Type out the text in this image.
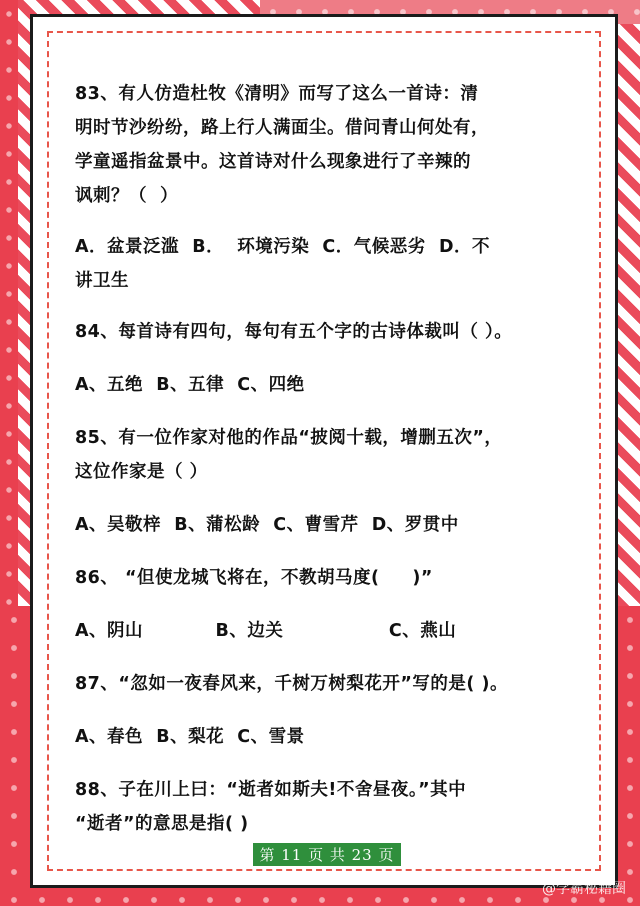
第 11 页 共 23 页
83、有人仿造杜牧《清明》而写了这么一首诗：清
明时节沙纷纷，路上行人满面尘。借问青山何处有，
学童遥指盆景中。这首诗对什么现象进行了辛辣的
讽刺？（  ）
A．盆景泛滥  B．  环境污染  C．气候恶劣  D．不
讲卫生
84、每首诗有四句，每句有五个字的古诗体裁叫（ ）。
A、五绝  B、五律  C、四绝
85、有一位作家对他的作品“披阅十载，增删五次”，
这位作家是（ ）
A、吴敬梓  B、蒲松龄  C、曹雪芹  D、罗贯中
86、 “但使龙城飞将在，不教胡马度(     )”
A、阴山           B、边关                C、燕山
87、“忽如一夜春风来，千树万树梨花开”写的是( )。
A、春色  B、梨花  C、雪景
88、子在川上曰：“逝者如斯夫!不舍昼夜。”其中
“逝者”的意思是指( )
@学霸秘籍圈
